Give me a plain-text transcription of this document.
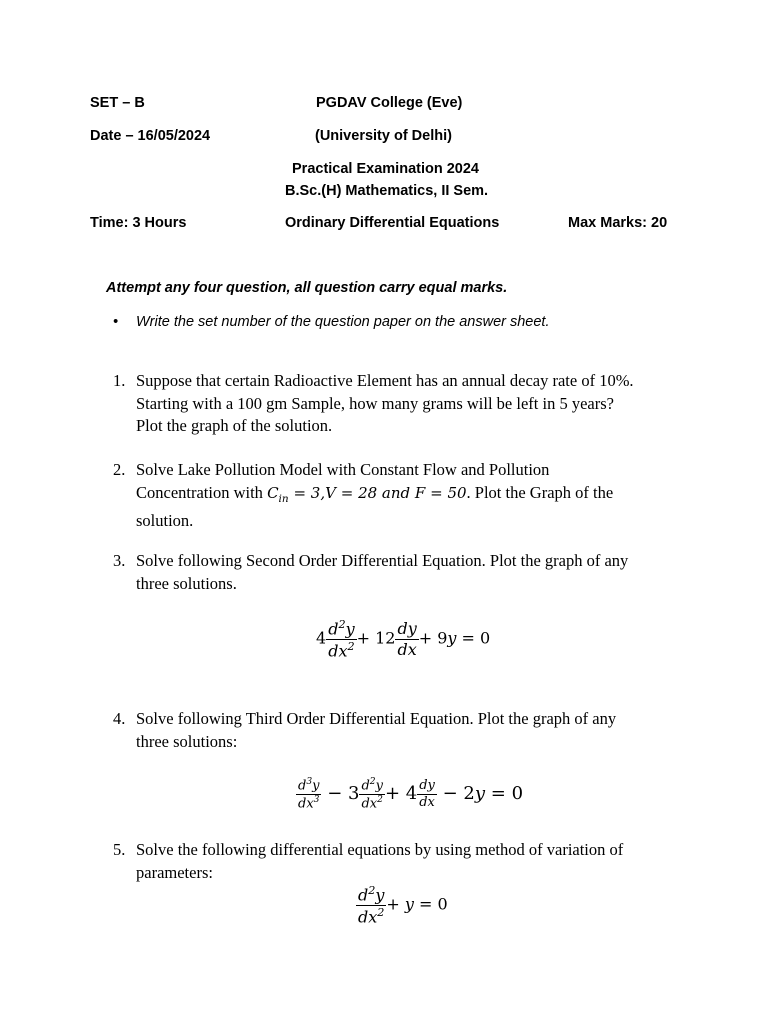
SET – B	PGDAV College (Eve)
Date – 16/05/2024	(University of Delhi)
Practical Examination 2024
B.Sc.(H) Mathematics, II Sem.
Time: 3 Hours	Ordinary Differential Equations	Max Marks: 20
Attempt any four question, all question carry equal marks.
• Write the set number of the question paper on the answer sheet.
1. Suppose that certain Radioactive Element has an annual decay rate of 10%.
Starting with a 100 gm Sample, how many grams will be left in 5 years?
Plot the graph of the solution.
2. Solve Lake Pollution Model with Constant Flow and Pollution
Concentration with $C_{in} = 3,V = 28$ and F = 50. Plot the Graph of the
solution.
3. Solve following Second Order Differential Equation. Plot the graph of any
three solutions.
$4 \frac{d^2y}{dx^2} + 12 \frac{dy}{dx} + 9y = 0$
4. Solve following Third Order Differential Equation. Plot the graph of any
three solutions:
$\frac{d^3y}{dx^3} - 3 \frac{d^2y}{dx^2} + 4 \frac{dy}{dx} - 2y = 0$
5. Solve the following differential equations by using method of variation of
parameters:
$\frac{d^2y}{dx^2} + y = 0$
